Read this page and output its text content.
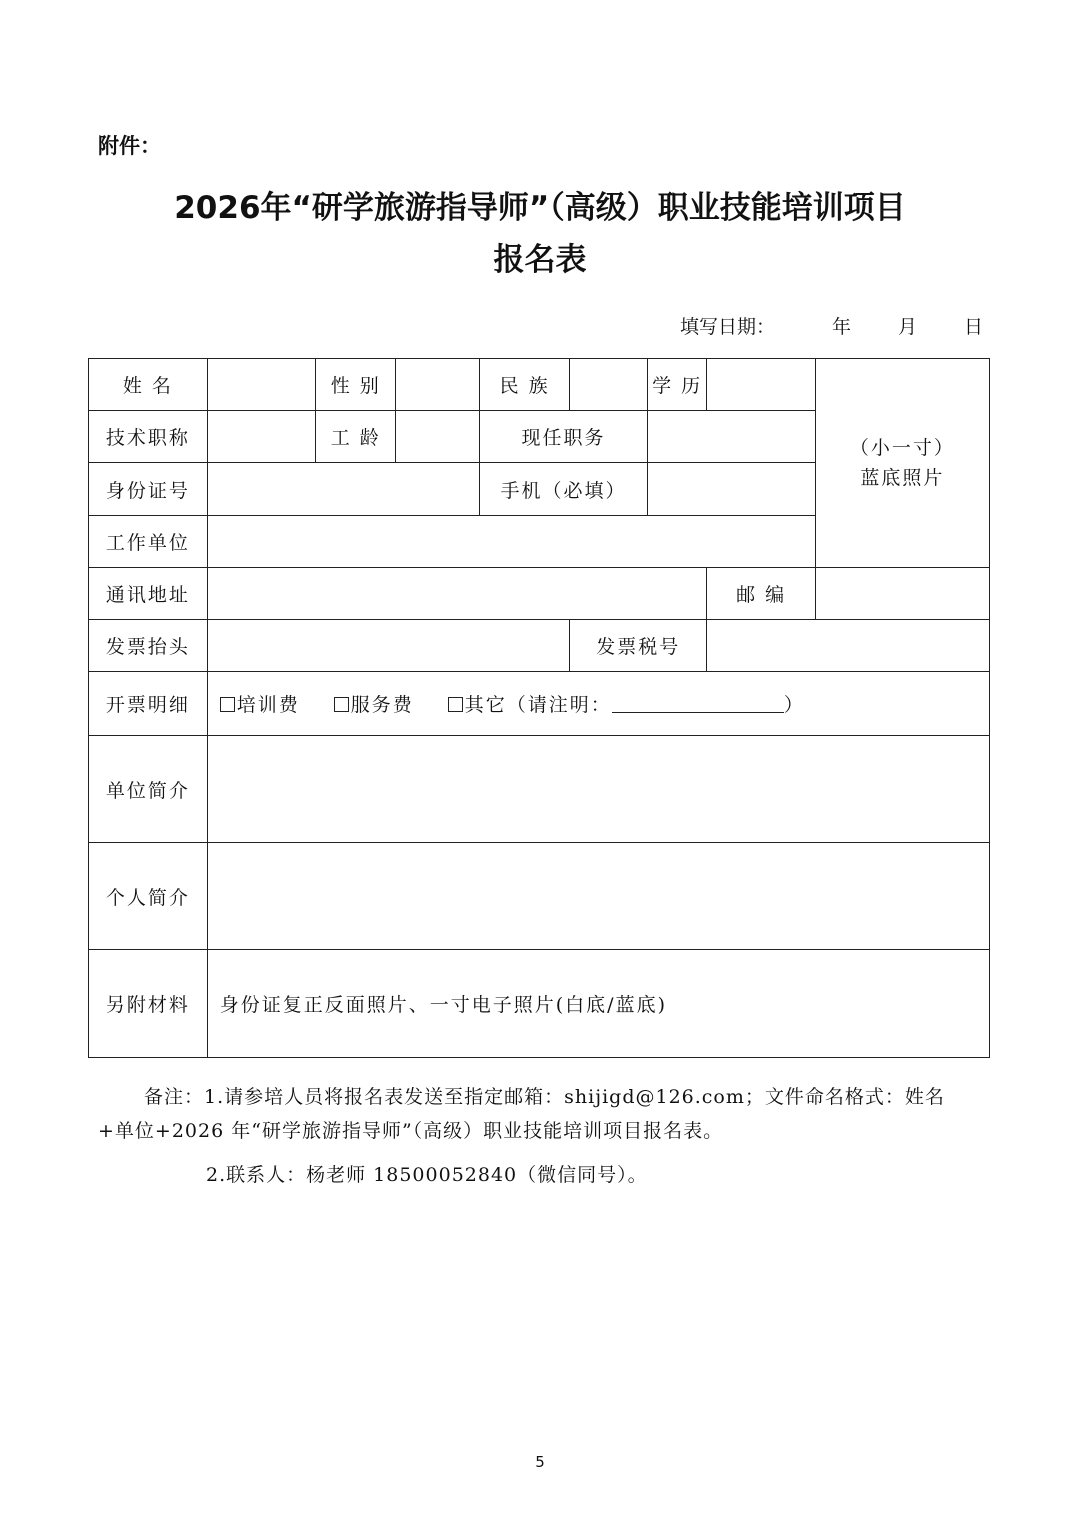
附件：
2026年“研学旅游指导师”（高级）职业技能培训项目
报名表
填写日期：	年 月 日
姓 名		性 别		民 族		学 历		（小一寸）
蓝底照片

技术职称		工 龄		现任职务				
身份证号				手机（必填）				
工作单位								
通讯地址							邮 编	
发票抬头					发票税号			
开票明细	培训费 服务费 其它（请注明： ）							
单位简介								
个人简介								
另附材料	身份证复正反面照片、一寸电子照片(白底/蓝底)							
备注：1.请参培人员将报名表发送至指定邮箱：shijigd@126.com；文件命名格式：姓名
+单位+2026 年“研学旅游指导师”（高级）职业技能培训项目报名表。
2.联系人：杨老师 18500052840（微信同号）。
5
